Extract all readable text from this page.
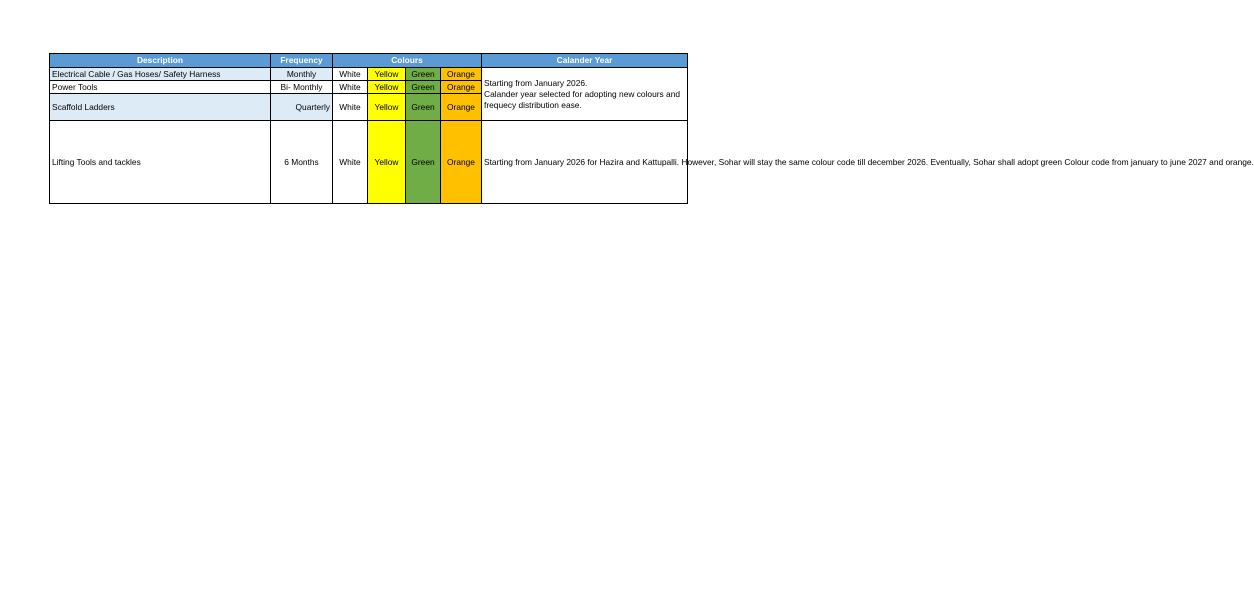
Description	Frequency	Colours				Calander Year
Electrical Cable / Gas Hoses/ Safety Harness	Monthly	White	Yellow	Green	Orange	Starting from January 2026.
Calander year selected for adopting new colours and frequecy distribution ease.
Power Tools	Bi- Monthly	White	Yellow	Green	Orange	
Scaffold Ladders	Quarterly	White	Yellow	Green	Orange	
Lifting Tools and tackles	6 Months	White	Yellow	Green	Orange	Starting from January 2026 for Hazira and Kattupalli. However, Sohar will stay the same colour code till december 2026. Eventually, Sohar shall adopt green Colour code from january to june 2027 and orange.
